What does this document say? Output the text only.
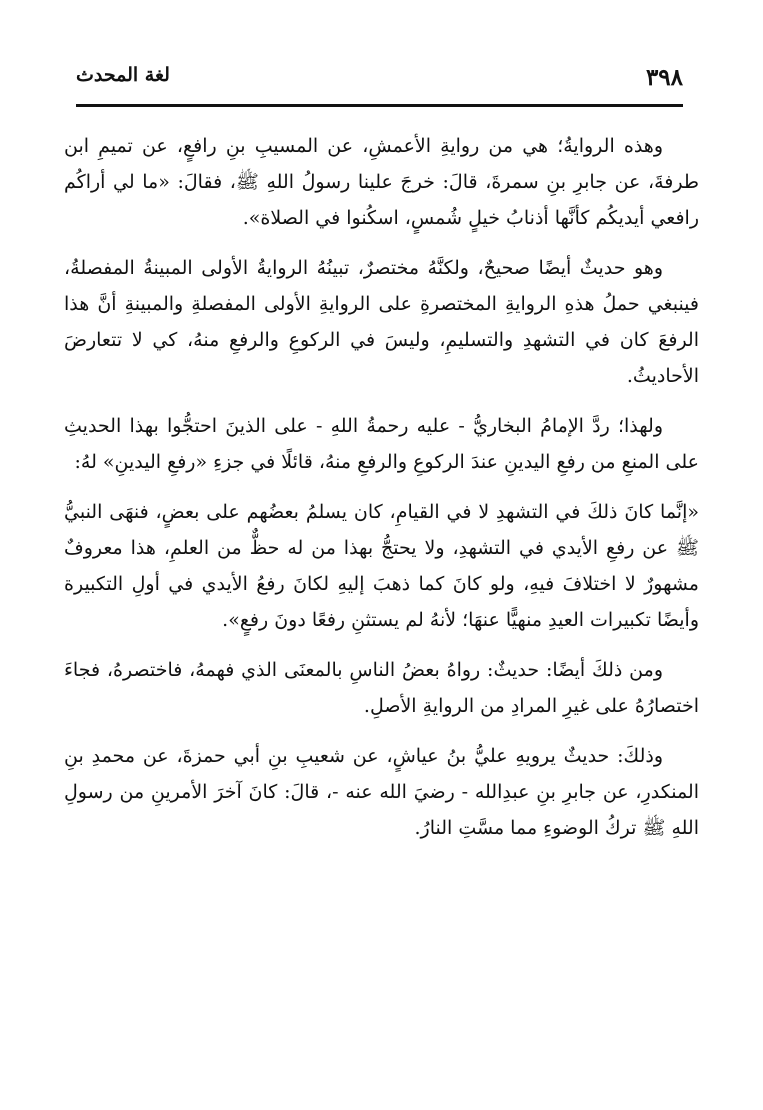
٣٩٨
لغة المحدث

وهذه الروايةُ؛ هي من روايةِ الأعمشِ، عن المسيبِ بنِ رافعٍ، عن تميمِ ابن طرفةَ، عن جابرِ بنِ سمرةَ، قالَ: خرجَ علينا رسولُ اللهِ ﷺ، فقالَ: «ما لي أراكُم رافعي أيديكُم كأنَّها أذنابُ خيلٍ شُمسٍ، اسكُنوا في الصلاة».

وهو حديثٌ أيضًا صحيحٌ، ولكنَّهُ مختصرٌ، تبينُهُ الروايةُ الأولى المبينةُ المفصلةُ، فينبغي حملُ هذهِ الروايةِ المختصرةِ على الروايةِ الأولى المفصلةِ والمبينةِ أنَّ هذا الرفعَ كان في التشهدِ والتسليمِ، وليسَ في الركوعِ والرفعِ منهُ، كي لا تتعارضَ الأحاديثُ.

ولهذا؛ ردَّ الإمامُ البخاريُّ - عليه رحمةُ اللهِ - على الذينَ احتجُّوا بهذا الحديثِ على المنعِ من رفعِ اليدينِ عندَ الركوعِ والرفعِ منهُ، قائلًا في جزءِ «رفعِ اليدينِ» لهُ:

«إنَّما كانَ ذلكَ في التشهدِ لا في القيامِ، كان يسلمُ بعضُهم على بعضٍ، فنهَى النبيُّ ﷺ عن رفعِ الأيدي في التشهدِ، ولا يحتجُّ بهذا من له حظٌّ من العلمِ، هذا معروفٌ مشهورٌ لا اختلافَ فيهِ، ولو كانَ كما ذهبَ إليهِ لكانَ رفعُ الأيدي في أولِ التكبيرة وأيضًا تكبيرات العيدِ منهيًّا عنهَا؛ لأنهُ لم يستثنِ رفعًا دونَ رفعٍ».

ومن ذلكَ أيضًا: حديثٌ: رواهُ بعضُ الناسِ بالمعنَى الذي فهمهُ، فاختصرهُ، فجاءَ اختصارُهُ على غيرِ المرادِ من الروايةِ الأصلِ.

وذلكَ: حديثٌ يرويهِ عليُّ بنُ عياشٍ، عن شعيبِ بنِ أبي حمزةَ، عن محمدِ بنِ المنكدرِ، عن جابرِ بنِ عبدِالله - رضيَ الله عنه -، قالَ: كانَ آخرَ الأمرينِ من رسولِ اللهِ ﷺ تركُ الوضوءِ مما مسَّتِ النارُ.
